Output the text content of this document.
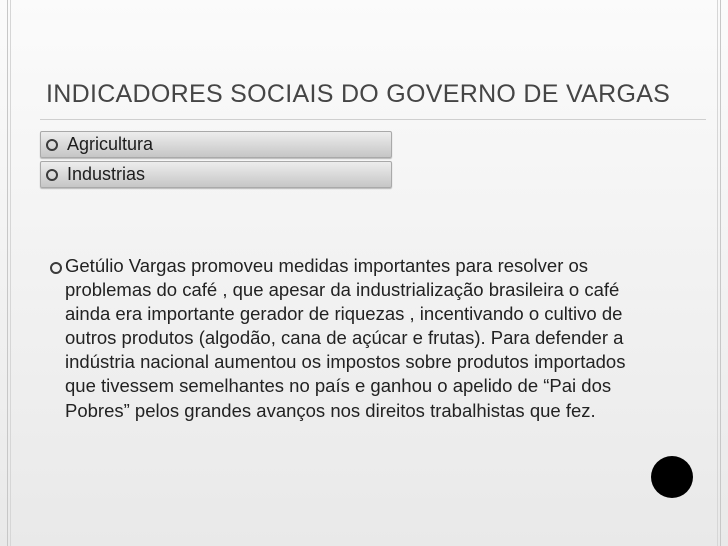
INDICADORES SOCIAIS DO GOVERNO DE VARGAS
Agricultura
Industrias

Getúlio Vargas promoveu medidas importantes para resolver os problemas do café , que apesar da industrialização brasileira o café ainda era importante gerador de riquezas , incentivando o cultivo de outros produtos (algodão, cana de açúcar e frutas). Para defender a indústria nacional aumentou os impostos sobre produtos importados que tivessem semelhantes no país e ganhou o apelido de “Pai dos Pobres” pelos grandes avanços nos direitos trabalhistas que fez.
